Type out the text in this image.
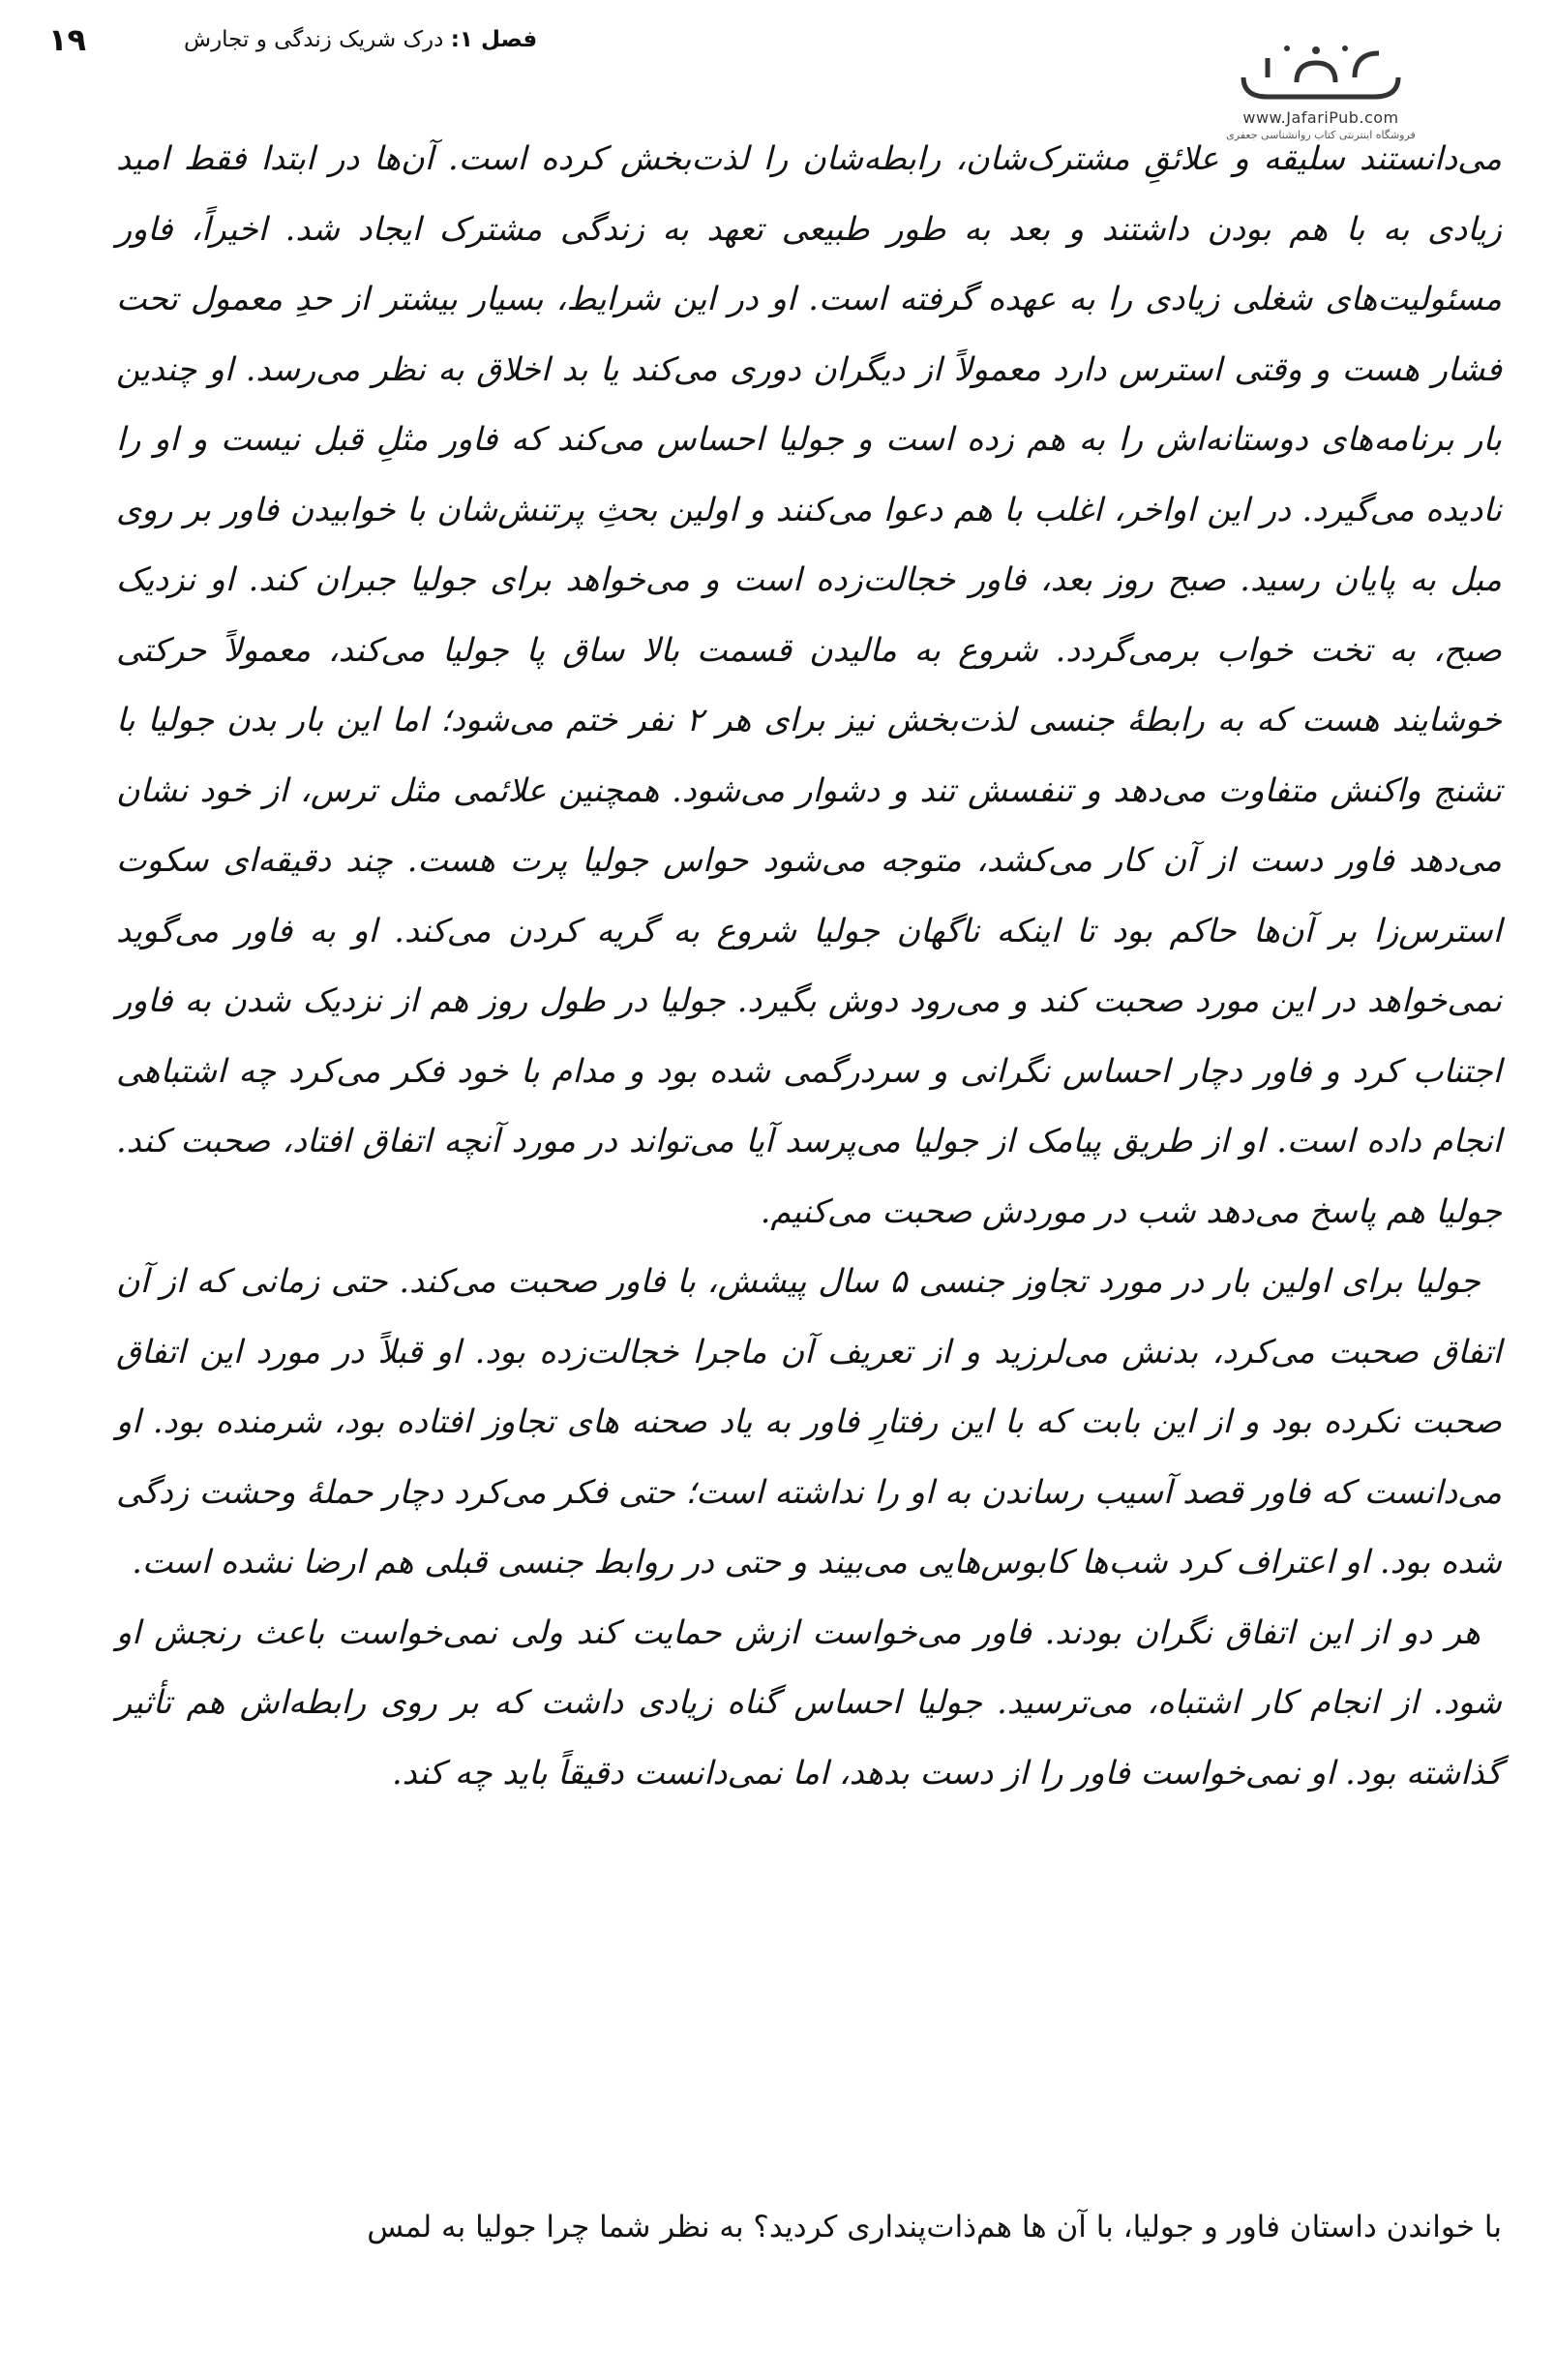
۱۹	فصل ۱: درک شریک زندگی و تجارش
www.JafariPub.com
فروشگاه اینترنتی کتاب روانشناسی جعفری

می‌دانستند سلیقه و علائقِ مشترک‌شان، رابطه‌شان را لذت‌بخش کرده است. آن‌ها در ابتدا فقط امید زیادی به با هم بودن داشتند و بعد به طور طبیعی تعهد به زندگی مشترک ایجاد شد. اخیراً، فاور مسئولیت‌های شغلی زیادی را به عهده گرفته است. او در این شرایط، بسیار بیشتر از حدِ معمول تحت فشار هست و وقتی استرس دارد معمولاً از دیگران دوری می‌کند یا بد اخلاق به نظر می‌رسد. او چندین بار برنامه‌های دوستانه‌اش را به هم زده است و جولیا احساس می‌کند که فاور مثلِ قبل نیست و او را نادیده می‌گیرد. در این اواخر، اغلب با هم دعوا می‌کنند و اولین بحثِ پرتنش‌شان با خوابیدن فاور بر روی مبل به پایان رسید. صبح روز بعد، فاور خجالت‌زده است و می‌خواهد برای جولیا جبران کند. او نزدیک صبح، به تخت خواب برمی‌گردد. شروع به مالیدن قسمت بالا ساق پا جولیا می‌کند، معمولاً حرکتی خوشایند هست که به رابطهٔ جنسی لذت‌بخش نیز برای هر ۲ نفر ختم می‌شود؛ اما این بار بدن جولیا با تشنج واکنش متفاوت می‌دهد و تنفسش تند و دشوار می‌شود. همچنین علائمی مثل ترس، از خود نشان می‌دهد فاور دست از آن کار می‌کشد، متوجه می‌شود حواس جولیا پرت هست. چند دقیقه‌ای سکوت استرس‌زا بر آن‌ها حاکم بود تا اینکه ناگهان جولیا شروع به گریه کردن می‌کند. او به فاور می‌گوید نمی‌خواهد در این مورد صحبت کند و می‌رود دوش بگیرد. جولیا در طول روز هم از نزدیک شدن به فاور اجتناب کرد و فاور دچار احساس نگرانی و سردرگمی شده بود و مدام با خود فکر می‌کرد چه اشتباهی انجام داده است. او از طریق پیامک از جولیا می‌پرسد آیا می‌تواند در مورد آنچه اتفاق افتاد، صحبت کند. جولیا هم پاسخ می‌دهد شب در موردش صحبت می‌کنیم.

جولیا برای اولین بار در مورد تجاوز جنسی ۵ سال پیشش، با فاور صحبت می‌کند. حتی زمانی که از آن اتفاق صحبت می‌کرد، بدنش می‌لرزید و از تعریف آن ماجرا خجالت‌زده بود. او قبلاً در مورد این اتفاق صحبت نکرده بود و از این بابت که با این رفتارِ فاور به یاد صحنه های تجاوز افتاده بود، شرمنده بود. او می‌دانست که فاور قصد آسیب رساندن به او را نداشته است؛ حتی فکر می‌کرد دچار حملهٔ وحشت زدگی شده بود. او اعتراف کرد شب‌ها کابوس‌هایی می‌بیند و حتی در روابط جنسی قبلی هم ارضا نشده است.

هر دو از این اتفاق نگران بودند. فاور می‌خواست ازش حمایت کند ولی نمی‌خواست باعث رنجش او شود. از انجام کار اشتباه، می‌ترسید. جولیا احساس گناه زیادی داشت که بر روی رابطه‌اش هم تأثیر گذاشته بود. او نمی‌خواست فاور را از دست بدهد، اما نمی‌دانست دقیقاً باید چه کند.

با خواندن داستان فاور و جولیا، با آن ها هم‌ذات‌پنداری کردید؟ به نظر شما چرا جولیا به لمس
